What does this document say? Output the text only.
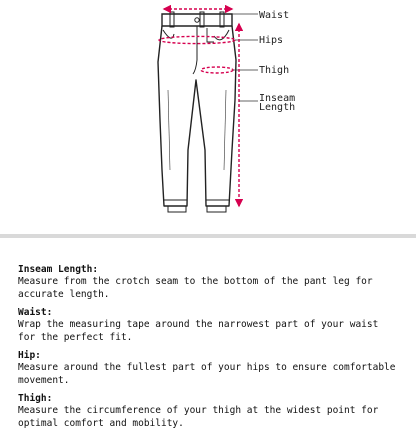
Waist
Hips
Thigh
Inseam
Length
Inseam Length:

Measure from the crotch seam to the bottom of the pant leg for accurate length.

Waist:

Wrap the measuring tape around the narrowest part of your waist for the perfect fit.

Hip:

Measure around the fullest part of your hips to ensure comfortable movement.

Thigh:

Measure the circumference of your thigh at the widest point for optimal comfort and mobility.
